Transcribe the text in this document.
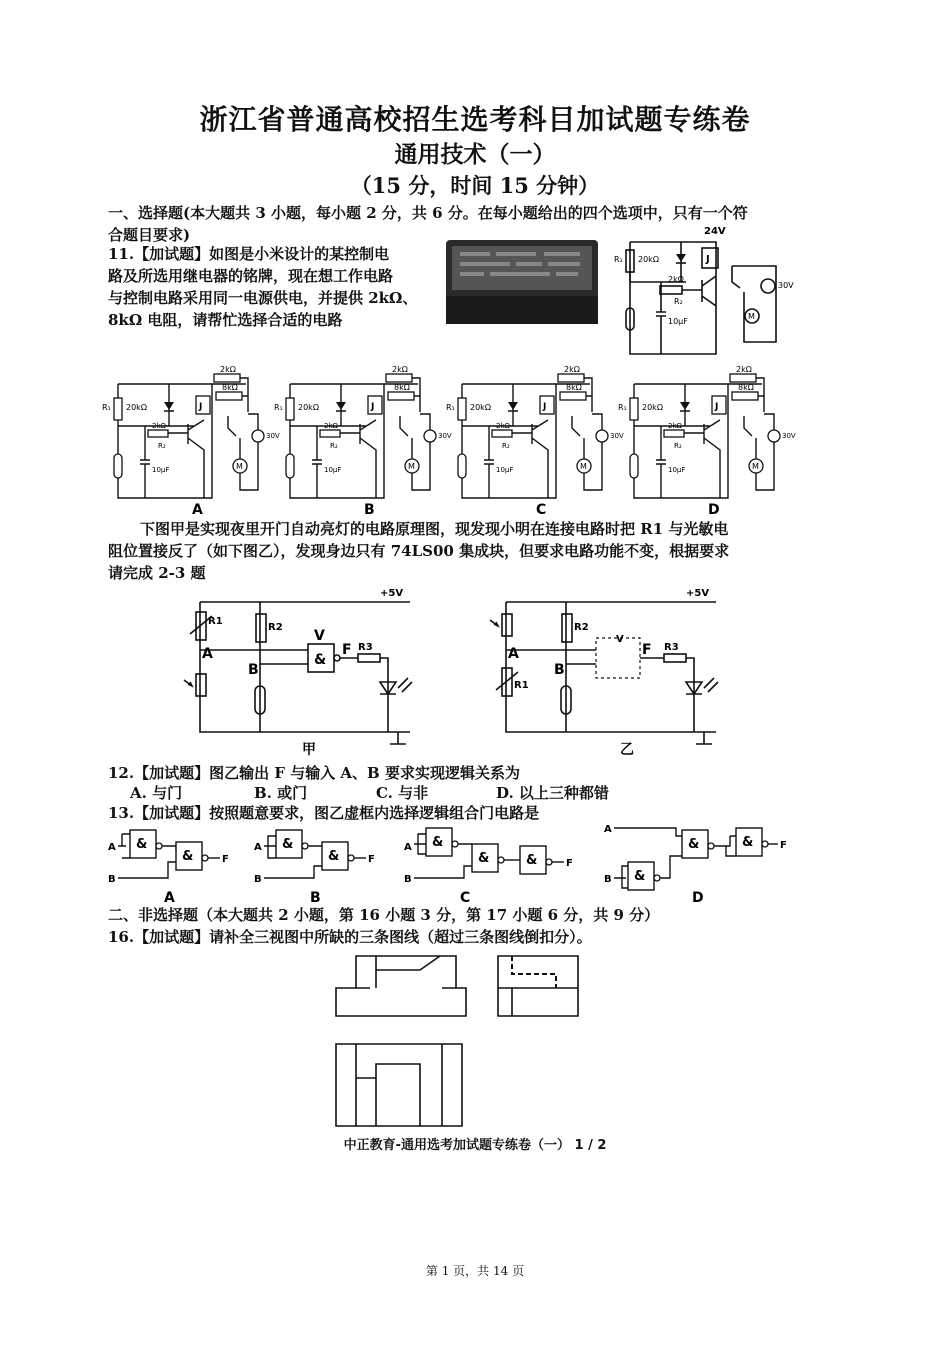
浙江省普通高校招生选考科目加试题专练卷
通用技术（一）
（15 分，时间 15 分钟）
一、选择题(本大题共 3 小题，每小题 2 分，共 6 分。在每小题给出的四个选项中，只有一个符
合题目要求)
11.【加试题】如图是小米设计的某控制电
路及所选用继电器的铭牌，现在想工作电路
与控制电路采用同一电源供电，并提供 2kΩ、
8kΩ 电阻，请帮忙选择合适的电路
24V
R₁ 20kΩ	J
2kΩ
R₂
10μF
30V
M
2kΩ
8kΩ
R₁ 20kΩ	J
2kΩ
R₂
10μF
30V
M
A
2kΩ
8kΩ
R₁ 20kΩ	J
2kΩ
R₂
10μF
30V
M
B
2kΩ
8kΩ
R₁ 20kΩ	J
2kΩ
R₂
10μF
30V
M
C
2kΩ
8kΩ
R₁ 20kΩ	J
2kΩ
R₂
10μF
30V
M
D
下图甲是实现夜里开门自动亮灯的电路原理图，现发现小明在连接电路时把 R1 与光敏电
阻位置接反了（如下图乙），发现身边只有 74LS00 集成块，但要求电路功能不变，根据要求
请完成 2-3 题
+5V
R1
A
R2
B
&
V
F R3
甲
+5V
A
R1
R2
B
V
F R3
乙
12.【加试题】图乙输出 F 与输入 A、B 要求实现逻辑关系为
A. 与门	B. 或门	C. 与非	D. 以上三种都错
13.【加试题】按照题意要求，图乙虚框内选择逻辑组合门电路是
A
B
&
&	F
A
A
B
&
&	F
B
A
B
&
&	&	F
C
A
B &
&	&	F
D
二、非选择题（本大题共 2 小题，第 16 小题 3 分，第 17 小题 6 分，共 9 分）
16.【加试题】请补全三视图中所缺的三条图线（超过三条图线倒扣分）。
中正教育-通用选考加试题专练卷（一） 1 / 2
第 1 页，共 14 页
